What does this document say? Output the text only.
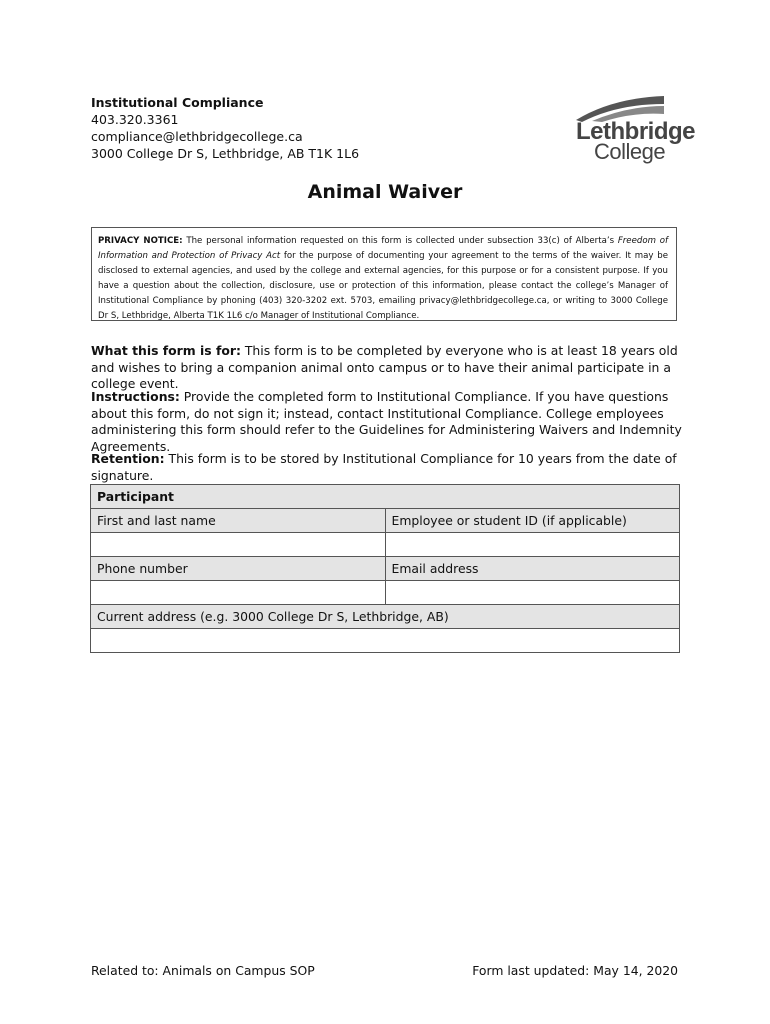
Institutional Compliance
403.320.3361
compliance@lethbridgecollege.ca
3000 College Dr S, Lethbridge, AB T1K 1L6
Lethbridge
College
Animal Waiver
PRIVACY NOTICE: The personal information requested on this form is collected under subsection 33(c) of Alberta’s Freedom of Information and Protection of Privacy Act for the purpose of documenting your agreement to the terms of the waiver. It may be disclosed to external agencies, and used by the college and external agencies, for this purpose or for a consistent purpose. If you have a question about the collection, disclosure, use or protection of this information, please contact the college’s Manager of Institutional Compliance by phoning (403) 320-3202 ext. 5703, emailing privacy@lethbridgecollege.ca, or writing to 3000 College Dr S, Lethbridge, Alberta T1K 1L6 c/o Manager of Institutional Compliance.
What this form is for: This form is to be completed by everyone who is at least 18 years old and wishes to bring a companion animal onto campus or to have their animal participate in a college event.
Instructions: Provide the completed form to Institutional Compliance. If you have questions about this form, do not sign it; instead, contact Institutional Compliance. College employees administering this form should refer to the Guidelines for Administering Waivers and Indemnity Agreements.
Retention: This form is to be stored by Institutional Compliance for 10 years from the date of signature.
Participant	
First and last name	Employee or student ID (if applicable)

Phone number	Email address

Current address (e.g. 3000 College Dr S, Lethbridge, AB)	

Related to: Animals on Campus SOP	Form last updated: May 14, 2020
